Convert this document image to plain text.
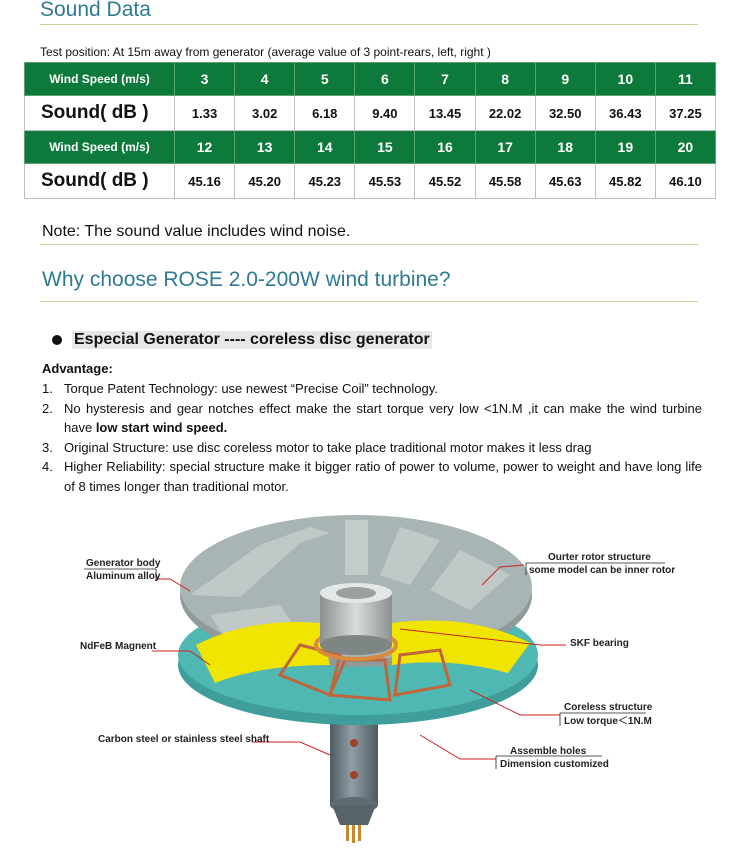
Sound Data
Test position: At 15m away from generator (average value of 3 point-rears, left, right )
Wind Speed (m/s)	3	4	5	6	7	8	9	10	11
Sound( dB )	1.33	3.02	6.18	9.40	13.45	22.02	32.50	36.43	37.25
Wind Speed (m/s)	12	13	14	15	16	17	18	19	20
Sound( dB )	45.16	45.20	45.23	45.53	45.52	45.58	45.63	45.82	46.10
Note: The sound value includes wind noise.
Why choose ROSE 2.0-200W wind turbine?
Especial Generator ---- coreless disc generator
Advantage:
1. Torque Patent Technology: use newest “Precise Coil” technology.
2. No hysteresis and gear notches effect make the start torque very low <1N.M ,it can make the wind turbine have low start wind speed.
3. Original Structure: use disc coreless motor to take place traditional motor makes it less drag
4. Higher Reliability: special structure make it bigger ratio of power to volume, power to weight and have long life of 8 times longer than traditional motor.
Generator body
Aluminum alloy
NdFeB Magnent
Carbon steel or stainless steel shaft
Ourter rotor structure
some model can be inner rotor
SKF bearing
Coreless structure
Low torque＜1N.M
Assemble holes
Dimension customized
